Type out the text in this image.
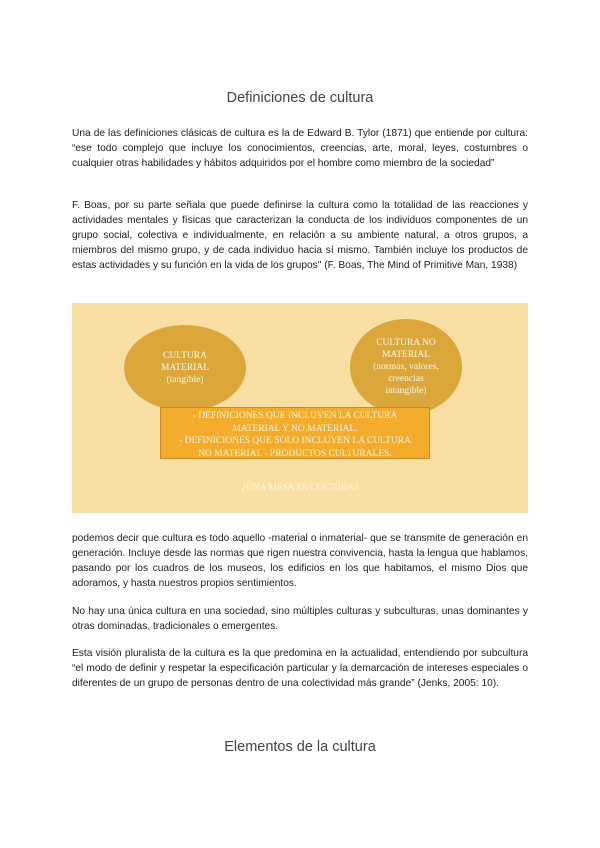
Definiciones de cultura

Una de las definiciones clásicas de cultura es la de Edward B. Tylor (1871) que entiende por cultura: “ese todo complejo que incluye los conocimientos, creencias, arte, moral, leyes, costumbres o cualquier otras habilidades y hábitos adquiridos por el hombre como miembro de la sociedad”

F. Boas, por su parte señala que puede definirse la cultura como la totalidad de las reacciones y actividades mentales y físicas que caracterizan la conducta de los individuos componentes de un grupo social, colectiva e individualmente, en relación a su ambiente natural, a otros grupos, a miembros del mismo grupo, y de cada individuo hacia sí mismo. También incluye los productos de estas actividades y su función en la vida de los grupos" (F. Boas, The Mind of Primitive Man, 1938)

CULTURA
MATERIAL
(tangible)
CULTURA NO
MATERIAL
(normas, valores,
creencias
intangible)
- DEFINICIONES QUE INCLUYEN LA CULTURA
MATERIAL Y NO MATERIAL.
- DEFINICIONES QUE SOLO INCLUYEN LA CULTURA
NO MATERIAL - PRODUCTOS CULTURALES.
¿UNA MESA ES CULTURA?

podemos decir que cultura es todo aquello -material o inmaterial- que se transmite de generación en generación. Incluye desde las normas que rigen nuestra convivencia, hasta la lengua que hablamos, pasando por los cuadros de los museos, los edificios en los que habitamos, el mismo Dios que adoramos, y hasta nuestros propios sentimientos.

No hay una única cultura en una sociedad, sino múltiples culturas y subculturas, unas dominantes y otras dominadas, tradicionales o emergentes.

Esta visión pluralista de la cultura es la que predomina en la actualidad, entendiendo por subcultura “el modo de definir y respetar la especificación particular y la demarcación de intereses especiales o diferentes de un grupo de personas dentro de una colectividad más grande” (Jenks, 2005: 10).

Elementos de la cultura
